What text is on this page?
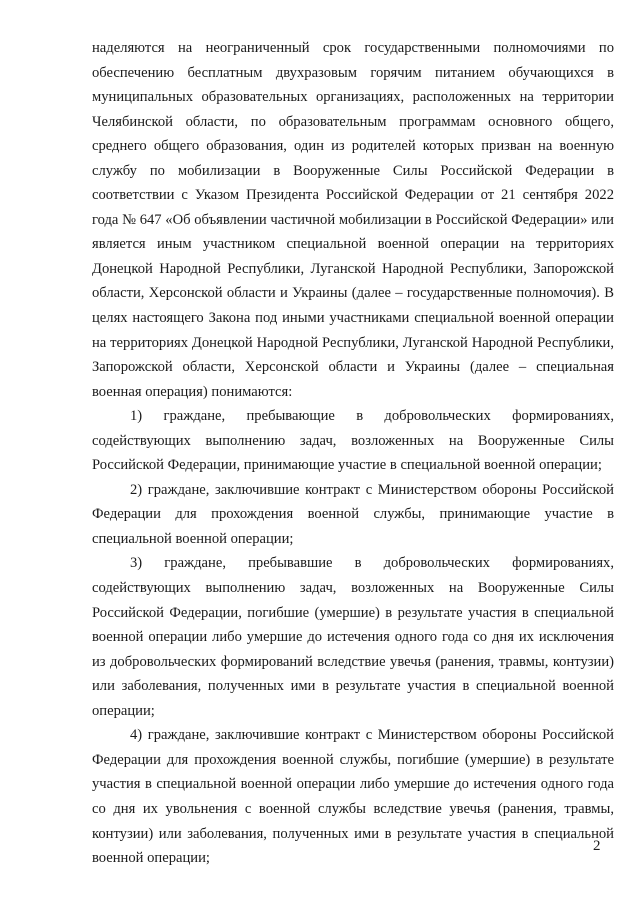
наделяются на неограниченный срок государственными полномочиями по обеспечению бесплатным двухразовым горячим питанием обучающихся в муниципальных образовательных организациях, расположенных на территории Челябинской области, по образовательным программам основного общего, среднего общего образования, один из родителей которых призван на военную службу по мобилизации в Вооруженные Силы Российской Федерации в соответствии с Указом Президента Российской Федерации от 21 сентября 2022 года № 647 «Об объявлении частичной мобилизации в Российской Федерации» или является иным участником специальной военной операции на территориях Донецкой Народной Республики, Луганской Народной Республики, Запорожской области, Херсонской области и Украины (далее – государственные полномочия). В целях настоящего Закона под иными участниками специальной военной операции на территориях Донецкой Народной Республики, Луганской Народной Республики, Запорожской области, Херсонской области и Украины (далее – специальная военная операция) понимаются:

1) граждане, пребывающие в добровольческих формированиях, содействующих выполнению задач, возложенных на Вооруженные Силы Российской Федерации, принимающие участие в специальной военной операции;

2) граждане, заключившие контракт с Министерством обороны Российской Федерации для прохождения военной службы, принимающие участие в специальной военной операции;

3) граждане, пребывавшие в добровольческих формированиях, содействующих выполнению задач, возложенных на Вооруженные Силы Российской Федерации, погибшие (умершие) в результате участия в специальной военной операции либо умершие до истечения одного года со дня их исключения из добровольческих формирований вследствие увечья (ранения, травмы, контузии) или заболевания, полученных ими в результате участия в специальной военной операции;

4) граждане, заключившие контракт с Министерством обороны Российской Федерации для прохождения военной службы, погибшие (умершие) в результате участия в специальной военной операции либо умершие до истечения одного года со дня их увольнения с военной службы вследствие увечья (ранения, травмы, контузии) или заболевания, полученных ими в результате участия в специальной военной операции;

2
